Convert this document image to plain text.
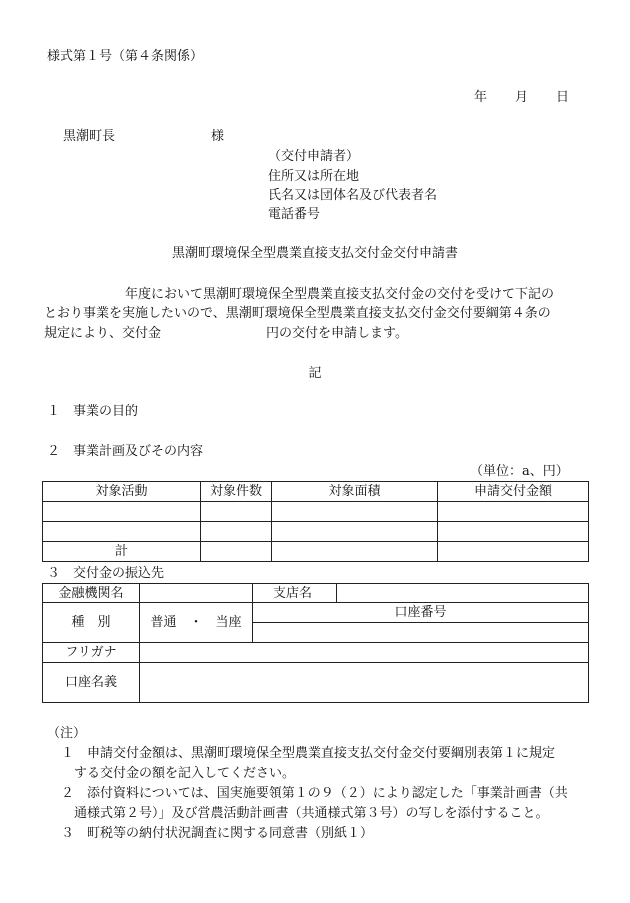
様式第１号（第４条関係）
年 月 日
黒潮町長	様
（交付申請者）
住所又は所在地
氏名又は団体名及び代表者名
電話番号
黒潮町環境保全型農業直接支払交付金交付申請書
年度において黒潮町環境保全型農業直接支払交付金の交付を受けて下記の
とおり事業を実施したいので、黒潮町環境保全型農業直接支払交付金交付要綱第４条の
規定により、交付金	円の交付を申請します。
記
１　事業の目的
２　事業計画及びその内容
（単位：a、円）
対象活動	対象件数	対象面積	申請交付金額

計			
３　交付金の振込先
金融機関名		支店名	
種　別	普通　・　当座	口座番号	

フリガナ			
口座名義			
（注）
１　申請交付金額は、黒潮町環境保全型農業直接支払交付金交付要綱別表第１に規定
する交付金の額を記入してください。
２　添付資料については、国実施要領第１の９（２）により認定した「事業計画書（共
通様式第２号）」及び営農活動計画書（共通様式第３号）の写しを添付すること。
３　町税等の納付状況調査に関する同意書（別紙１）
